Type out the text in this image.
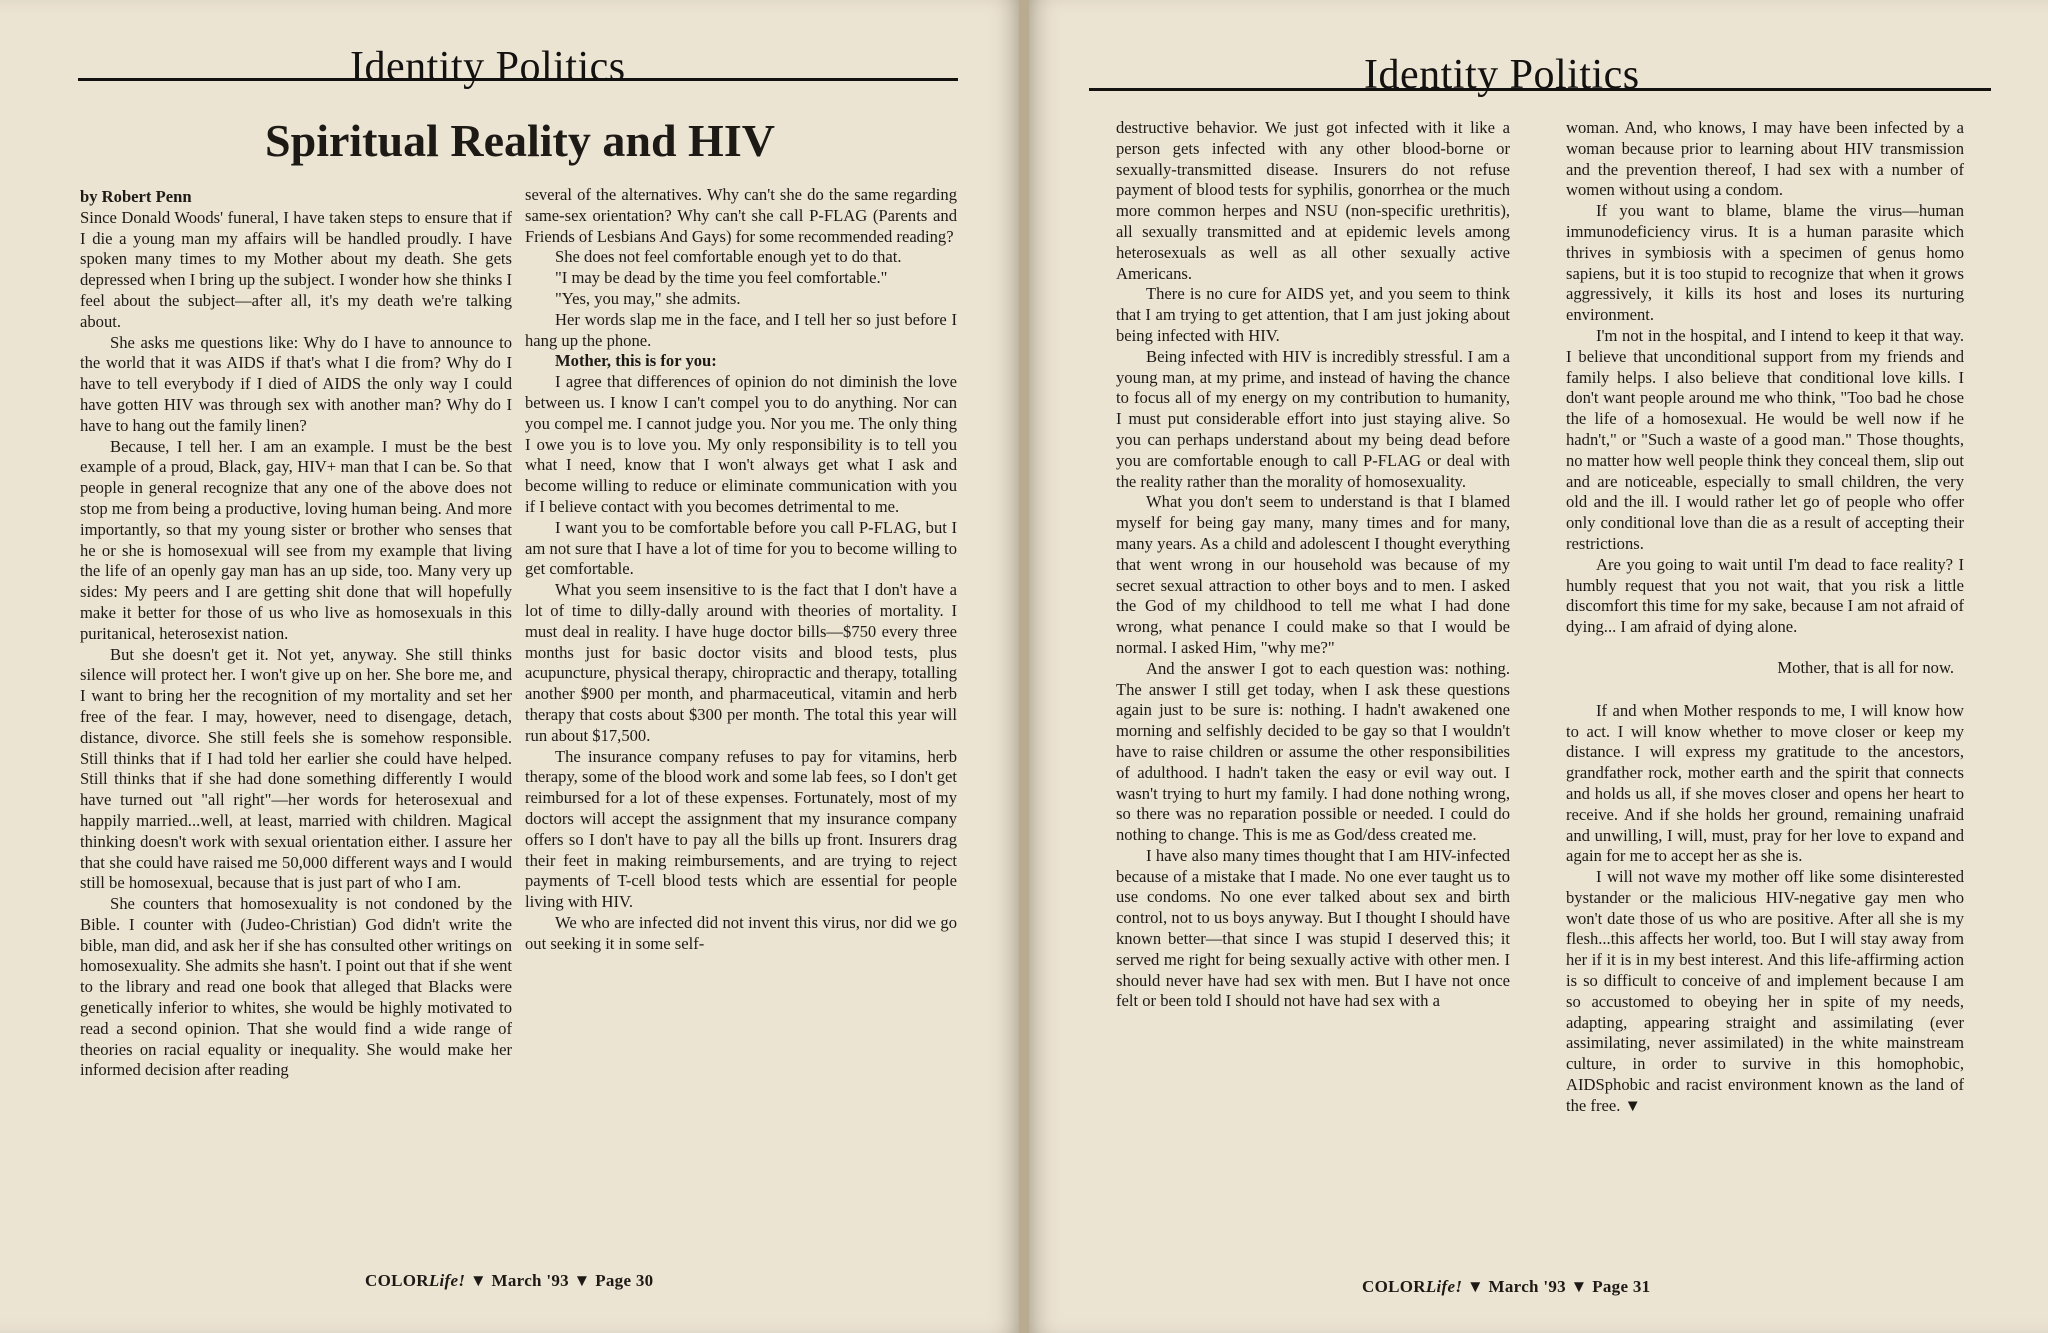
Identity Politics
Spiritual Reality and HIV
by Robert Penn

Since Donald Woods' funeral, I have taken steps to ensure that if I die a young man my affairs will be handled proudly. I have spoken many times to my Mother about my death. She gets depressed when I bring up the subject. I wonder how she thinks I feel about the subject—after all, it's my death we're talking about.

She asks me questions like: Why do I have to announce to the world that it was AIDS if that's what I die from? Why do I have to tell everybody if I died of AIDS the only way I could have gotten HIV was through sex with another man? Why do I have to hang out the family linen?

Because, I tell her. I am an example. I must be the best example of a proud, Black, gay, HIV+ man that I can be. So that people in general recognize that any one of the above does not stop me from being a productive, loving human being. And more importantly, so that my young sister or brother who senses that he or she is homosexual will see from my example that living the life of an openly gay man has an up side, too. Many very up sides: My peers and I are getting shit done that will hopefully make it better for those of us who live as homosexuals in this puritanical, heterosexist nation.

But she doesn't get it. Not yet, anyway. She still thinks silence will protect her. I won't give up on her. She bore me, and I want to bring her the recognition of my mortality and set her free of the fear. I may, however, need to disengage, detach, distance, divorce. She still feels she is somehow responsible. Still thinks that if I had told her earlier she could have helped. Still thinks that if she had done something differently I would have turned out "all right"—her words for heterosexual and happily married...well, at least, married with children. Magical thinking doesn't work with sexual orientation either. I assure her that she could have raised me 50,000 different ways and I would still be homosexual, because that is just part of who I am.

She counters that homosexuality is not condoned by the Bible. I counter with (Judeo-Christian) God didn't write the bible, man did, and ask her if she has consulted other writings on homosexuality. She admits she hasn't. I point out that if she went to the library and read one book that alleged that Blacks were genetically inferior to whites, she would be highly motivated to read a second opinion. That she would find a wide range of theories on racial equality or inequality. She would make her informed decision after reading

several of the alternatives. Why can't she do the same regarding same-sex orientation? Why can't she call P-FLAG (Parents and Friends of Lesbians And Gays) for some recommended reading?

She does not feel comfortable enough yet to do that.

"I may be dead by the time you feel comfortable."

"Yes, you may," she admits.

Her words slap me in the face, and I tell her so just before I hang up the phone.

Mother, this is for you:

I agree that differences of opinion do not diminish the love between us. I know I can't compel you to do anything. Nor can you compel me. I cannot judge you. Nor you me. The only thing I owe you is to love you. My only responsibility is to tell you what I need, know that I won't always get what I ask and become willing to reduce or eliminate communication with you if I believe contact with you becomes detrimental to me.

I want you to be comfortable before you call P-FLAG, but I am not sure that I have a lot of time for you to become willing to get comfortable.

What you seem insensitive to is the fact that I don't have a lot of time to dilly-dally around with theories of mortality. I must deal in reality. I have huge doctor bills—$750 every three months just for basic doctor visits and blood tests, plus acupuncture, physical therapy, chiropractic and therapy, totalling another $900 per month, and pharmaceutical, vitamin and herb therapy that costs about $300 per month. The total this year will run about $17,500.

The insurance company refuses to pay for vitamins, herb therapy, some of the blood work and some lab fees, so I don't get reimbursed for a lot of these expenses. Fortunately, most of my doctors will accept the assignment that my insurance company offers so I don't have to pay all the bills up front. Insurers drag their feet in making reimbursements, and are trying to reject payments of T-cell blood tests which are essential for people living with HIV.

We who are infected did not invent this virus, nor did we go out seeking it in some self-

COLORLife! ▼ March '93 ▼ Page 30
Identity Politics

destructive behavior. We just got infected with it like a person gets infected with any other blood-borne or sexually-transmitted disease. Insurers do not refuse payment of blood tests for syphilis, gonorrhea or the much more common herpes and NSU (non-specific urethritis), all sexually transmitted and at epidemic levels among heterosexuals as well as all other sexually active Americans.

There is no cure for AIDS yet, and you seem to think that I am trying to get attention, that I am just joking about being infected with HIV.

Being infected with HIV is incredibly stressful. I am a young man, at my prime, and instead of having the chance to focus all of my energy on my contribution to humanity, I must put considerable effort into just staying alive. So you can perhaps understand about my being dead before you are comfortable enough to call P-FLAG or deal with the reality rather than the morality of homosexuality.

What you don't seem to understand is that I blamed myself for being gay many, many times and for many, many years. As a child and adolescent I thought everything that went wrong in our household was because of my secret sexual attraction to other boys and to men. I asked the God of my childhood to tell me what I had done wrong, what penance I could make so that I would be normal. I asked Him, "why me?"

And the answer I got to each question was: nothing. The answer I still get today, when I ask these questions again just to be sure is: nothing. I hadn't awakened one morning and selfishly decided to be gay so that I wouldn't have to raise children or assume the other responsibilities of adulthood. I hadn't taken the easy or evil way out. I wasn't trying to hurt my family. I had done nothing wrong, so there was no reparation possible or needed. I could do nothing to change. This is me as God/dess created me.

I have also many times thought that I am HIV-infected because of a mistake that I made. No one ever taught us to use condoms. No one ever talked about sex and birth control, not to us boys anyway. But I thought I should have known better—that since I was stupid I deserved this; it served me right for being sexually active with other men. I should never have had sex with men. But I have not once felt or been told I should not have had sex with a

woman. And, who knows, I may have been infected by a woman because prior to learning about HIV transmission and the prevention thereof, I had sex with a number of women without using a condom.

If you want to blame, blame the virus—human immunodeficiency virus. It is a human parasite which thrives in symbiosis with a specimen of genus homo sapiens, but it is too stupid to recognize that when it grows aggressively, it kills its host and loses its nurturing environment.

I'm not in the hospital, and I intend to keep it that way. I believe that unconditional support from my friends and family helps. I also believe that conditional love kills. I don't want people around me who think, "Too bad he chose the life of a homosexual. He would be well now if he hadn't," or "Such a waste of a good man." Those thoughts, no matter how well people think they conceal them, slip out and are noticeable, especially to small children, the very old and the ill. I would rather let go of people who offer only conditional love than die as a result of accepting their restrictions.

Are you going to wait until I'm dead to face reality? I humbly request that you not wait, that you risk a little discomfort this time for my sake, because I am not afraid of dying... I am afraid of dying alone.

Mother, that is all for now.

If and when Mother responds to me, I will know how to act. I will know whether to move closer or keep my distance. I will express my gratitude to the ancestors, grandfather rock, mother earth and the spirit that connects and holds us all, if she moves closer and opens her heart to receive. And if she holds her ground, remaining unafraid and unwilling, I will, must, pray for her love to expand and again for me to accept her as she is.

I will not wave my mother off like some disinterested bystander or the malicious HIV-negative gay men who won't date those of us who are positive. After all she is my flesh...this affects her world, too. But I will stay away from her if it is in my best interest. And this life-affirming action is so difficult to conceive of and implement because I am so accustomed to obeying her in spite of my needs, adapting, appearing straight and assimilating (ever assimilating, never assimilated) in the white mainstream culture, in order to survive in this homophobic, AIDSphobic and racist environment known as the land of the free. ▼

COLORLife! ▼ March '93 ▼ Page 31
